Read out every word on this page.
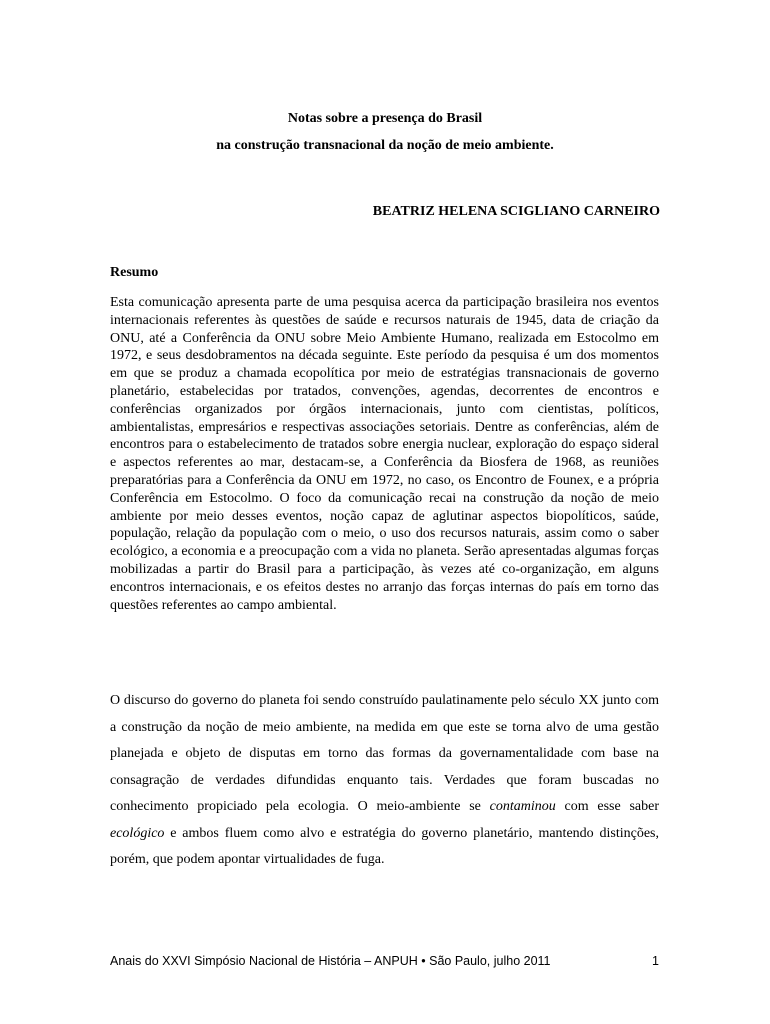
Notas sobre a presença do Brasil
na construção transnacional da noção de meio ambiente.
BEATRIZ HELENA SCIGLIANO CARNEIRO
Resumo

Esta comunicação apresenta parte de uma pesquisa acerca da participação brasileira nos eventos internacionais referentes às questões de saúde e recursos naturais de 1945, data de criação da ONU, até a Conferência da ONU sobre Meio Ambiente Humano, realizada em Estocolmo em 1972, e seus desdobramentos na década seguinte. Este período da pesquisa é um dos momentos em que se produz a chamada ecopolítica por meio de estratégias transnacionais de governo planetário, estabelecidas por tratados, convenções, agendas, decorrentes de encontros e conferências organizados por órgãos internacionais, junto com cientistas, políticos, ambientalistas, empresários e respectivas associações setoriais. Dentre as conferências, além de encontros para o estabelecimento de tratados sobre energia nuclear, exploração do espaço sideral e aspectos referentes ao mar, destacam-se, a Conferência da Biosfera de 1968, as reuniões preparatórias para a Conferência da ONU em 1972, no caso, os Encontro de Founex, e a própria Conferência em Estocolmo. O foco da comunicação recai na construção da noção de meio ambiente por meio desses eventos, noção capaz de aglutinar aspectos biopolíticos, saúde, população, relação da população com o meio, o uso dos recursos naturais, assim como o saber ecológico, a economia e a preocupação com a vida no planeta. Serão apresentadas algumas forças mobilizadas a partir do Brasil para a participação, às vezes até co-organização, em alguns encontros internacionais, e os efeitos destes no arranjo das forças internas do país em torno das questões referentes ao campo ambiental.

O discurso do governo do planeta foi sendo construído paulatinamente pelo século XX junto com a construção da noção de meio ambiente, na medida em que este se torna alvo de uma gestão planejada e objeto de disputas em torno das formas da governamentalidade com base na consagração de verdades difundidas enquanto tais. Verdades que foram buscadas no conhecimento propiciado pela ecologia. O meio-ambiente se contaminou com esse saber ecológico e ambos fluem como alvo e estratégia do governo planetário, mantendo distinções, porém, que podem apontar virtualidades de fuga.

Anais do XXVI Simpósio Nacional de História – ANPUH • São Paulo, julho 2011	1
